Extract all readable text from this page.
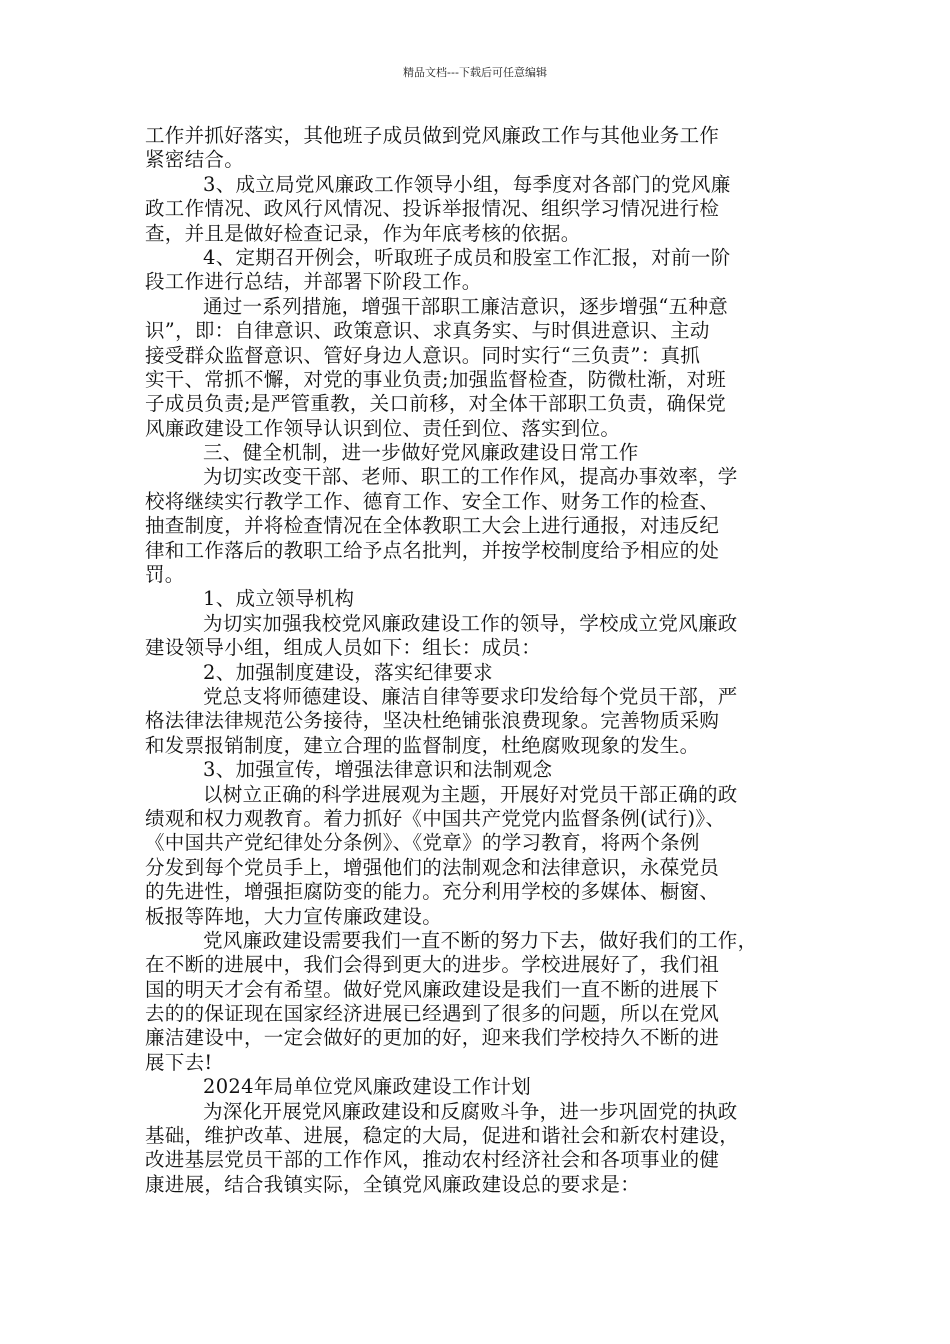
精品文档---下载后可任意编辑
工作并抓好落实，其他班子成员做到党风廉政工作与其他业务工作
紧密结合。
3、成立局党风廉政工作领导小组，每季度对各部门的党风廉
政工作情况、政风行风情况、投诉举报情况、组织学习情况进行检
查，并且是做好检查记录，作为年底考核的依据。
4、定期召开例会，听取班子成员和股室工作汇报，对前一阶
段工作进行总结，并部署下阶段工作。
通过一系列措施，增强干部职工廉洁意识，逐步增强“五种意
识”，即：自律意识、政策意识、求真务实、与时俱进意识、主动
接受群众监督意识、管好身边人意识。同时实行“三负责”：真抓
实干、常抓不懈，对党的事业负责;加强监督检查，防微杜渐，对班
子成员负责;是严管重教，关口前移，对全体干部职工负责，确保党
风廉政建设工作领导认识到位、责任到位、落实到位。
三、健全机制，进一步做好党风廉政建设日常工作
为切实改变干部、老师、职工的工作作风，提高办事效率，学
校将继续实行教学工作、德育工作、安全工作、财务工作的检查、
抽查制度，并将检查情况在全体教职工大会上进行通报，对违反纪
律和工作落后的教职工给予点名批判，并按学校制度给予相应的处
罚。
1、成立领导机构
为切实加强我校党风廉政建设工作的领导，学校成立党风廉政
建设领导小组，组成人员如下：组长：成员：
2、加强制度建设，落实纪律要求
党总支将师德建设、廉洁自律等要求印发给每个党员干部，严
格法律法律规范公务接待，坚决杜绝铺张浪费现象。完善物质采购
和发票报销制度，建立合理的监督制度，杜绝腐败现象的发生。
3、加强宣传，增强法律意识和法制观念
以树立正确的科学进展观为主题，开展好对党员干部正确的政
绩观和权力观教育。着力抓好《中国共产党党内监督条例(试行)》、
《中国共产党纪律处分条例》、《党章》的学习教育，将两个条例
分发到每个党员手上，增强他们的法制观念和法律意识，永葆党员
的先进性，增强拒腐防变的能力。充分利用学校的多媒体、橱窗、
板报等阵地，大力宣传廉政建设。
党风廉政建设需要我们一直不断的努力下去，做好我们的工作，
在不断的进展中，我们会得到更大的进步。学校进展好了，我们祖
国的明天才会有希望。做好党风廉政建设是我们一直不断的进展下
去的的保证现在国家经济进展已经遇到了很多的问题，所以在党风
廉洁建设中，一定会做好的更加的好，迎来我们学校持久不断的进
展下去!
2024年局单位党风廉政建设工作计划
为深化开展党风廉政建设和反腐败斗争，进一步巩固党的执政
基础，维护改革、进展，稳定的大局，促进和谐社会和新农村建设，
改进基层党员干部的工作作风，推动农村经济社会和各项事业的健
康进展，结合我镇实际，全镇党风廉政建设总的要求是：
